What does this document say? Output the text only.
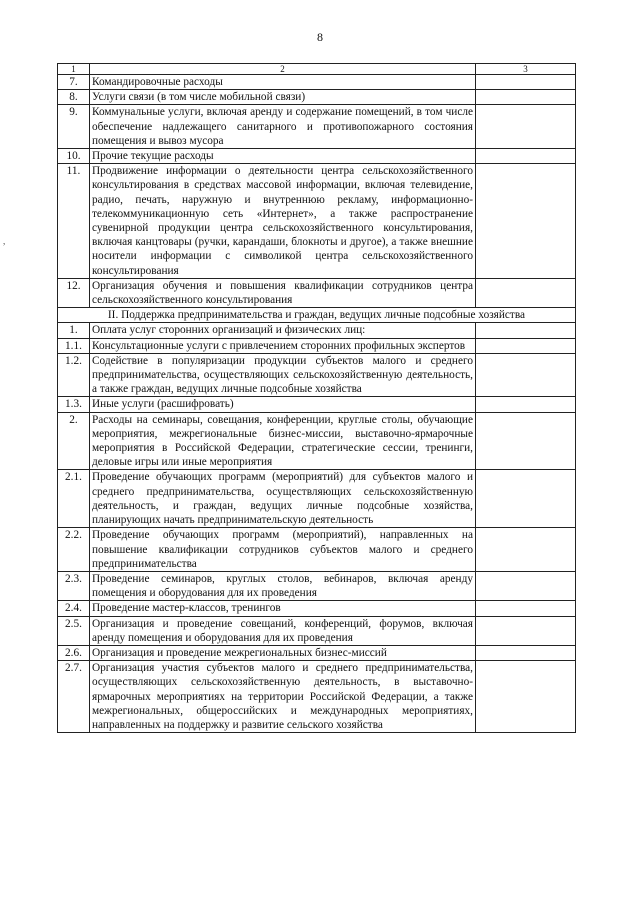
8
,
1	2	3
7.	Командировочные расходы	
8.	Услуги связи (в том числе мобильной связи)	
9.	Коммунальные услуги, включая аренду и содержание помещений, в том числе обеспечение надлежащего санитарного и противопожарного состояния помещения и вывоз мусора	
10.	Прочие текущие расходы	
11.	Продвижение информации о деятельности центра сельскохозяйственного консультирования в средствах массовой информации, включая телевидение, радио, печать, наружную и внутреннюю рекламу, информационно-телекоммуникационную сеть «Интернет», а также распространение сувенирной продукции центра сельскохозяйственного консультирования, включая канцтовары (ручки, карандаши, блокноты и другое), а также внешние носители информации с символикой центра сельскохозяйственного консультирования	
12.	Организация обучения и повышения квалификации сотрудников центра сельскохозяйственного консультирования	
II. Поддержка предпринимательства и граждан, ведущих личные подсобные хозяйства		
1.	Оплата услуг сторонних организаций и физических лиц:	
1.1.	Консультационные услуги с привлечением сторонних профильных экспертов	
1.2.	Содействие в популяризации продукции субъектов малого и среднего предпринимательства, осуществляющих сельскохозяйственную деятельность, а также граждан, ведущих личные подсобные хозяйства	
1.3.	Иные услуги (расшифровать)	
2.	Расходы на семинары, совещания, конференции, круглые столы, обучающие мероприятия, межрегиональные бизнес-миссии, выставочно-ярмарочные мероприятия в Российской Федерации, стратегические сессии, тренинги, деловые игры или иные мероприятия	
2.1.	Проведение обучающих программ (мероприятий) для субъектов малого и среднего предпринимательства, осуществляющих сельскохозяйственную деятельность, и граждан, ведущих личные подсобные хозяйства, планирующих начать предпринимательскую деятельность	
2.2.	Проведение обучающих программ (мероприятий), направленных на повышение квалификации сотрудников субъектов малого и среднего предпринимательства	
2.3.	Проведение семинаров, круглых столов, вебинаров, включая аренду помещения и оборудования для их проведения	
2.4.	Проведение мастер-классов, тренингов	
2.5.	Организация и проведение совещаний, конференций, форумов, включая аренду помещения и оборудования для их проведения	
2.6.	Организация и проведение межрегиональных бизнес-миссий	
2.7.	Организация участия субъектов малого и среднего предпринимательства, осуществляющих сельскохозяйственную деятельность, в выставочно-ярмарочных мероприятиях на территории Российской Федерации, а также межрегиональных, общероссийских и международных мероприятиях, направленных на поддержку и развитие сельского хозяйства	
